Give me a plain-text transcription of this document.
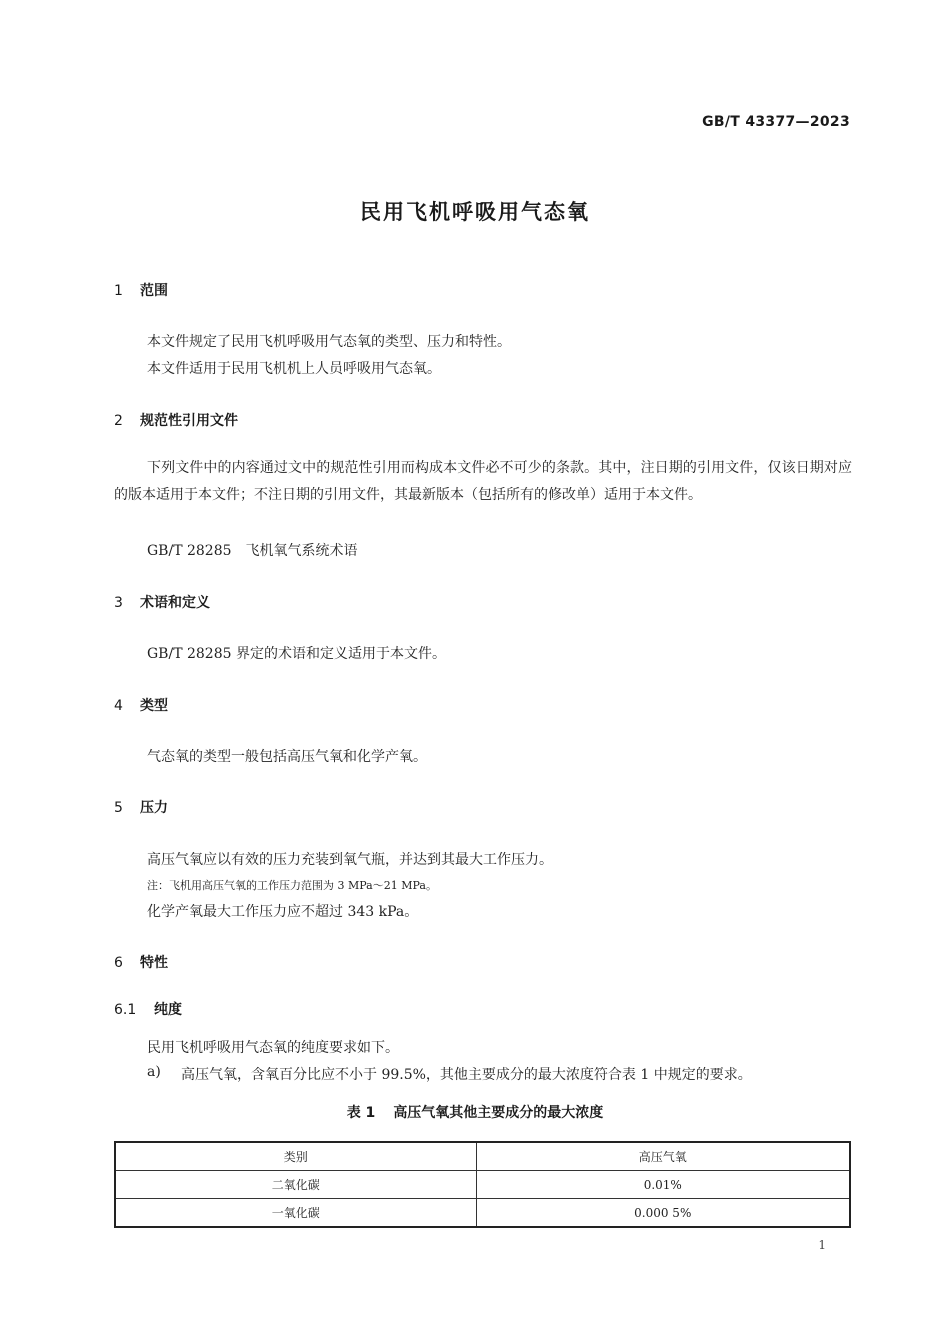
GB/T 43377—2023
民用飞机呼吸用气态氧
1 范围
本文件规定了民用飞机呼吸用气态氧的类型、压力和特性。
本文件适用于民用飞机机上人员呼吸用气态氧。
2 规范性引用文件
下列文件中的内容通过文中的规范性引用而构成本文件必不可少的条款。其中，注日期的引用文件，仅该日期对应的版本适用于本文件；不注日期的引用文件，其最新版本（包括所有的修改单）适用于本文件。
GB/T 28285　飞机氧气系统术语
3 术语和定义
GB/T 28285 界定的术语和定义适用于本文件。
4 类型
气态氧的类型一般包括高压气氧和化学产氧。
5 压力
高压气氧应以有效的压力充装到氧气瓶，并达到其最大工作压力。
注：飞机用高压气氧的工作压力范围为 3 MPa～21 MPa。
化学产氧最大工作压力应不超过 343 kPa。
6 特性
6.1 纯度
民用飞机呼吸用气态氧的纯度要求如下。
a) 高压气氧，含氧百分比应不小于 99.5%，其他主要成分的最大浓度符合表 1 中规定的要求。
表 1 高压气氧其他主要成分的最大浓度
类别	高压气氧
二氧化碳	0.01%
一氧化碳	0.000 5%
1
